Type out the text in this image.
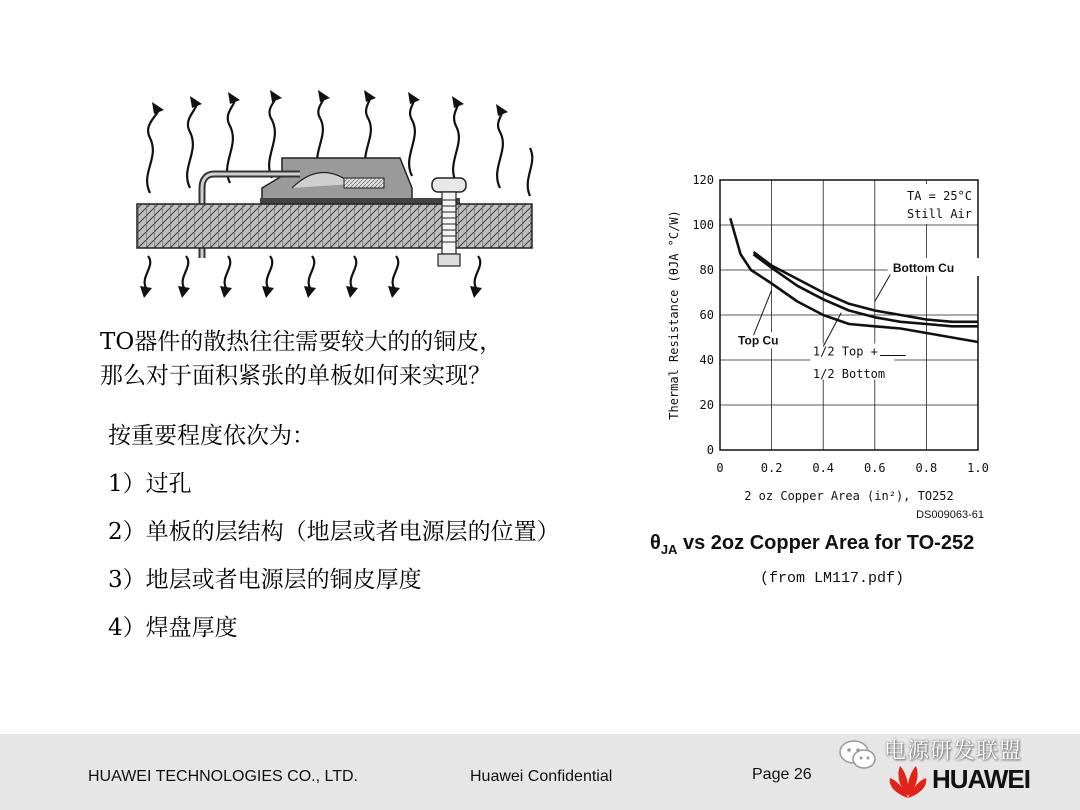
TO器件的散热往往需要较大的的铜皮，
那么对于面积紧张的单板如何来实现？
按重要程度依次为：
1）过孔
2）单板的层结构（地层或者电源层的位置）
3）地层或者电源层的铜皮厚度
4）焊盘厚度
0	0.2 0.4 0.6 0.8 1.0
0
20
40
60
80
100
120
2 oz Copper Area (in²), TO252
Thermal Resistance (θJA °C/W)
TA = 25°C
Still Air
Bottom Cu
Top Cu
1/2 Top +
1/2 Bottom
DS009063-61
$\theta_{JA}$ vs 2oz Copper Area for TO-252
(from LM117.pdf)
HUAWEI TECHNOLOGIES CO., LTD.	Huawei Confidential	Page 26
电源研发联盟
HUAWEI
